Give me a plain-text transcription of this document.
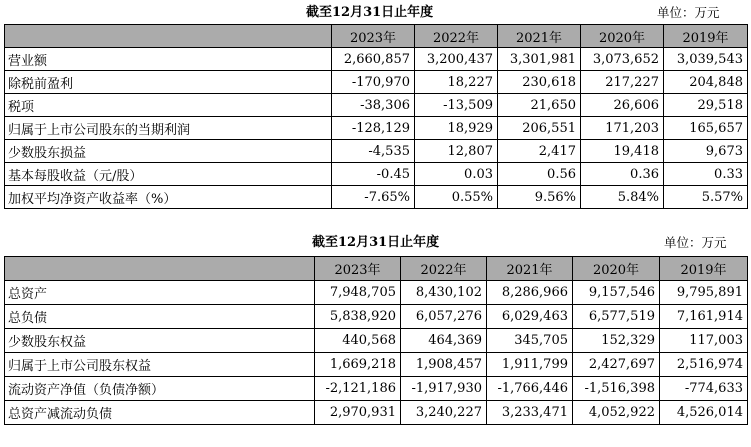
截至12月31日止年度	单位：万元
	2023年	2022年	2021年	2020年	2019年
营业额	2,660,857	3,200,437	3,301,981	3,073,652	3,039,543
除税前盈利	-170,970	18,227	230,618	217,227	204,848
税项	-38,306	-13,509	21,650	26,606	29,518
归属于上市公司股东的当期利润	-128,129	18,929	206,551	171,203	165,657
少数股东损益	-4,535	12,807	2,417	19,418	9,673
基本每股收益（元/股）	-0.45	0.03	0.56	0.36	0.33
加权平均净资产收益率（%）	-7.65%	0.55%	9.56%	5.84%	5.57%
截至12月31日止年度	单位：万元
	2023年	2022年	2021年	2020年	2019年
总资产	7,948,705	8,430,102	8,286,966	9,157,546	9,795,891
总负债	5,838,920	6,057,276	6,029,463	6,577,519	7,161,914
少数股东权益	440,568	464,369	345,705	152,329	117,003
归属于上市公司股东权益	1,669,218	1,908,457	1,911,799	2,427,697	2,516,974
流动资产净值（负债净额）	-2,121,186	-1,917,930	-1,766,446	-1,516,398	-774,633
总资产减流动负债	2,970,931	3,240,227	3,233,471	4,052,922	4,526,014
